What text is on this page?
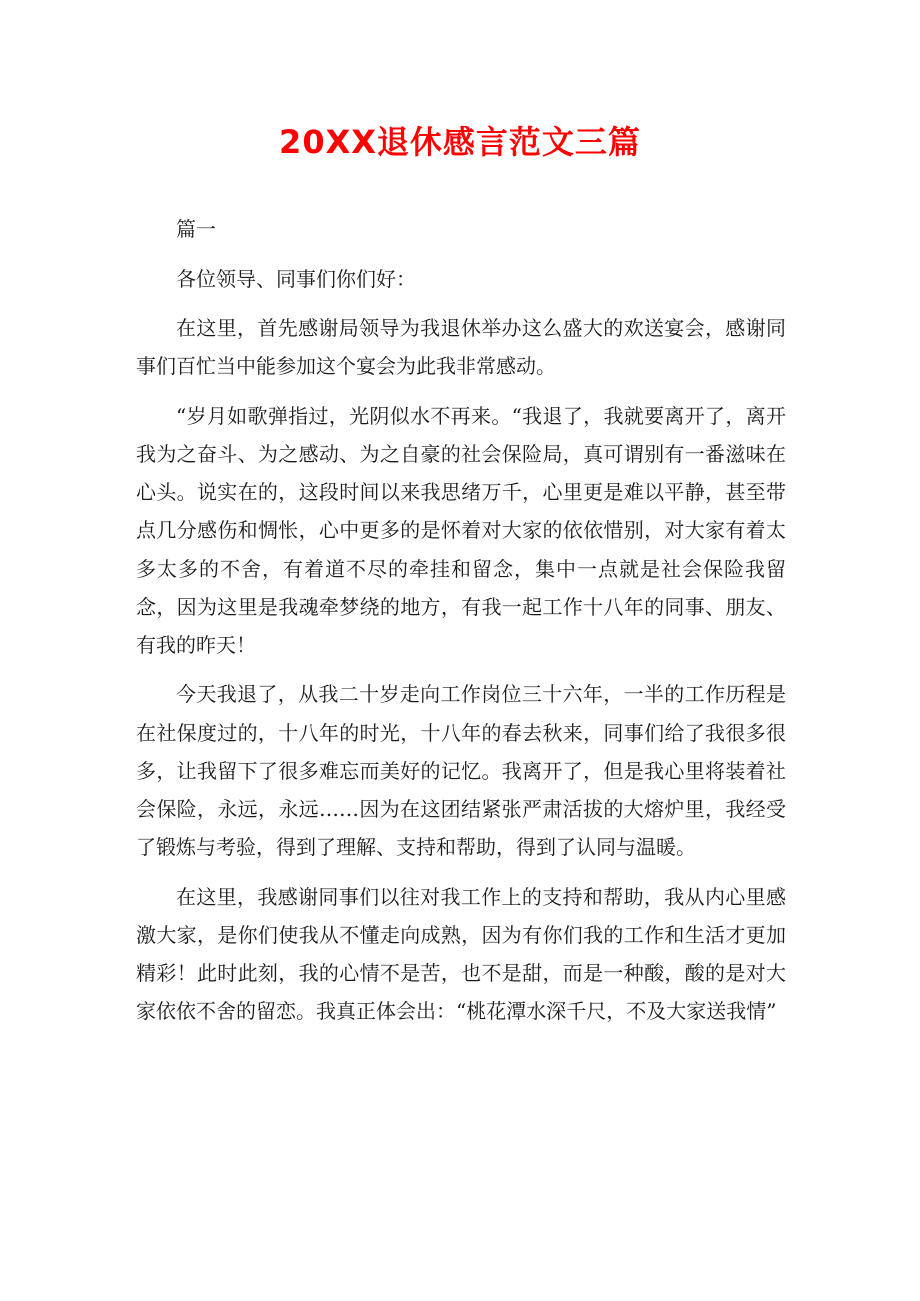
20XX退休感言范文三篇

篇一

各位领导、同事们你们好：

在这里，首先感谢局领导为我退休举办这么盛大的欢送宴会，感谢同事们百忙当中能参加这个宴会为此我非常感动。

“岁月如歌弹指过，光阴似水不再来。“我退了，我就要离开了，离开我为之奋斗、为之感动、为之自豪的社会保险局，真可谓别有一番滋味在心头。说实在的，这段时间以来我思绪万千，心里更是难以平静，甚至带点几分感伤和惆怅，心中更多的是怀着对大家的依依惜别，对大家有着太多太多的不舍，有着道不尽的牵挂和留念，集中一点就是社会保险我留念，因为这里是我魂牵梦绕的地方，有我一起工作十八年的同事、朋友、有我的昨天！

今天我退了，从我二十岁走向工作岗位三十六年，一半的工作历程是在社保度过的，十八年的时光，十八年的春去秋来，同事们给了我很多很多，让我留下了很多难忘而美好的记忆。我离开了，但是我心里将装着社会保险，永远，永远……因为在这团结紧张严肃活拔的大熔炉里，我经受了锻炼与考验，得到了理解、支持和帮助，得到了认同与温暖。

在这里，我感谢同事们以往对我工作上的支持和帮助，我从内心里感激大家，是你们使我从不懂走向成熟，因为有你们我的工作和生活才更加精彩！此时此刻，我的心情不是苦，也不是甜，而是一种酸，酸的是对大家依依不舍的留恋。我真正体会出：“桃花潭水深千尺，不及大家送我情”
